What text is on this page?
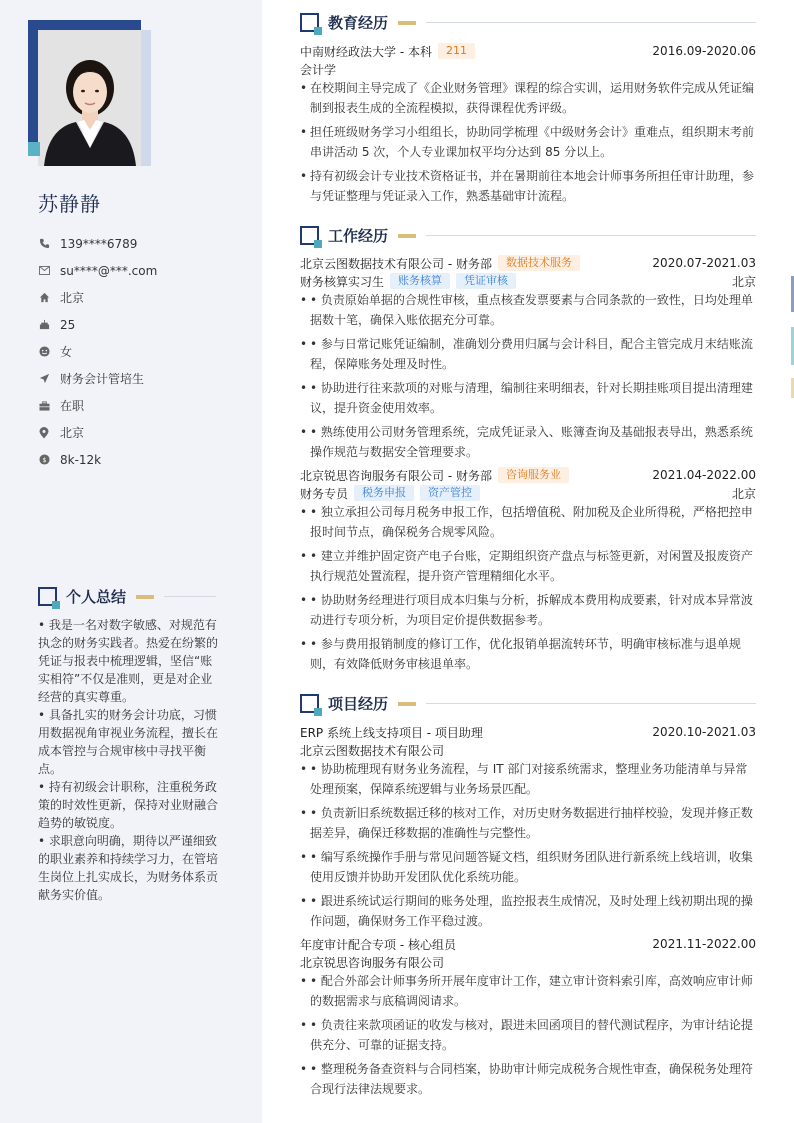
苏静静
139****6789
su****@***.com
北京
25
女
财务会计管培生
在职
北京
$ 8k-12k
个人总结

• 我是一名对数字敏感、对规范有执念的财务实践者。热爱在纷繁的凭证与报表中梳理逻辑，坚信“账实相符”不仅是准则，更是对企业经营的真实尊重。

• 具备扎实的财务会计功底，习惯用数据视角审视业务流程，擅长在成本管控与合规审核中寻找平衡点。

• 持有初级会计职称，注重税务政策的时效性更新，保持对业财融合趋势的敏锐度。

• 求职意向明确，期待以严谨细致的职业素养和持续学习力，在管培生岗位上扎实成长，为财务体系贡献务实价值。

教育经历
中南财经政法大学 - 本科	211	2016.09-2020.06
会计学
• 在校期间主导完成了《企业财务管理》课程的综合实训，运用财务软件完成从凭证编制到报表生成的全流程模拟，获得课程优秀评级。
• 担任班级财务学习小组组长，协助同学梳理《中级财务会计》重难点，组织期末考前串讲活动 5 次，个人专业课加权平均分达到 85 分以上。
• 持有初级会计专业技术资格证书，并在暑期前往本地会计师事务所担任审计助理，参与凭证整理与凭证录入工作，熟悉基础审计流程。
工作经历
北京云图数据技术有限公司 - 财务部	数据技术服务	2020.07-2021.03
财务核算实习生	账务核算	凭证审核	北京
• • 负责原始单据的合规性审核，重点核查发票要素与合同条款的一致性，日均处理单据数十笔，确保入账依据充分可靠。
• • 参与日常记账凭证编制，准确划分费用归属与会计科目，配合主管完成月末结账流程，保障账务处理及时性。
• • 协助进行往来款项的对账与清理，编制往来明细表，针对长期挂账项目提出清理建议，提升资金使用效率。
• • 熟练使用公司财务管理系统，完成凭证录入、账簿查询及基础报表导出，熟悉系统操作规范与数据安全管理要求。
北京锐思咨询服务有限公司 - 财务部	咨询服务业	2021.04-2022.00
财务专员	税务申报	资产管控	北京
• • 独立承担公司每月税务申报工作，包括增值税、附加税及企业所得税，严格把控申报时间节点，确保税务合规零风险。
• • 建立并维护固定资产电子台账，定期组织资产盘点与标签更新，对闲置及报废资产执行规范处置流程，提升资产管理精细化水平。
• • 协助财务经理进行项目成本归集与分析，拆解成本费用构成要素，针对成本异常波动进行专项分析，为项目定价提供数据参考。
• • 参与费用报销制度的修订工作，优化报销单据流转环节，明确审核标准与退单规则，有效降低财务审核退单率。
项目经历
ERP 系统上线支持项目 - 项目助理	2020.10-2021.03
北京云图数据技术有限公司
• • 协助梳理现有财务业务流程，与 IT 部门对接系统需求，整理业务功能清单与异常处理预案，保障系统逻辑与业务场景匹配。
• • 负责新旧系统数据迁移的核对工作，对历史财务数据进行抽样校验，发现并修正数据差异，确保迁移数据的准确性与完整性。
• • 编写系统操作手册与常见问题答疑文档，组织财务团队进行新系统上线培训，收集使用反馈并协助开发团队优化系统功能。
• • 跟进系统试运行期间的账务处理，监控报表生成情况，及时处理上线初期出现的操作问题，确保财务工作平稳过渡。
年度审计配合专项 - 核心组员	2021.11-2022.00
北京锐思咨询服务有限公司
• • 配合外部会计师事务所开展年度审计工作，建立审计资料索引库，高效响应审计师的数据需求与底稿调阅请求。
• • 负责往来款项函证的收发与核对，跟进未回函项目的替代测试程序，为审计结论提供充分、可靠的证据支持。
• • 整理税务备查资料与合同档案，协助审计师完成税务合规性审查，确保税务处理符合现行法律法规要求。
